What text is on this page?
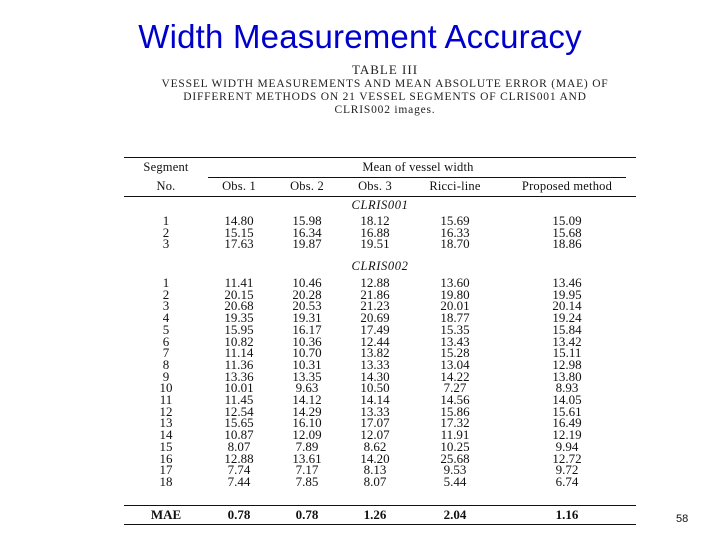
Width Measurement Accuracy
TABLE III
VESSEL WIDTH MEASUREMENTS AND MEAN ABSOLUTE ERROR (MAE) OF
DIFFERENT METHODS ON 21 VESSEL SEGMENTS OF CLRIS001 AND
CLRIS002 images.
Segment	Mean of vessel width
No.	Obs. 1	Obs. 2	Obs. 3	Ricci-line	Proposed method
CLRIS001
1	14.80	15.98	18.12	15.69	15.09
2	15.15	16.34	16.88	16.33	15.68
3	17.63	19.87	19.51	18.70	18.86
CLRIS002
1	11.41	10.46	12.88	13.60	13.46
2	20.15	20.28	21.86	19.80	19.95
3	20.68	20.53	21.23	20.01	20.14
4	19.35	19.31	20.69	18.77	19.24
5	15.95	16.17	17.49	15.35	15.84
6	10.82	10.36	12.44	13.43	13.42
7	11.14	10.70	13.82	15.28	15.11
8	11.36	10.31	13.33	13.04	12.98
9	13.36	13.35	14.30	14.22	13.80
10	10.01	9.63	10.50	7.27	8.93
11	11.45	14.12	14.14	14.56	14.05
12	12.54	14.29	13.33	15.86	15.61
13	15.65	16.10	17.07	17.32	16.49
14	10.87	12.09	12.07	11.91	12.19
15	8.07	7.89	8.62	10.25	9.94
16	12.88	13.61	14.20	25.68	12.72
17	7.74	7.17	8.13	9.53	9.72
18	7.44	7.85	8.07	5.44	6.74
MAE	0.78	0.78	1.26	2.04	1.16	58
